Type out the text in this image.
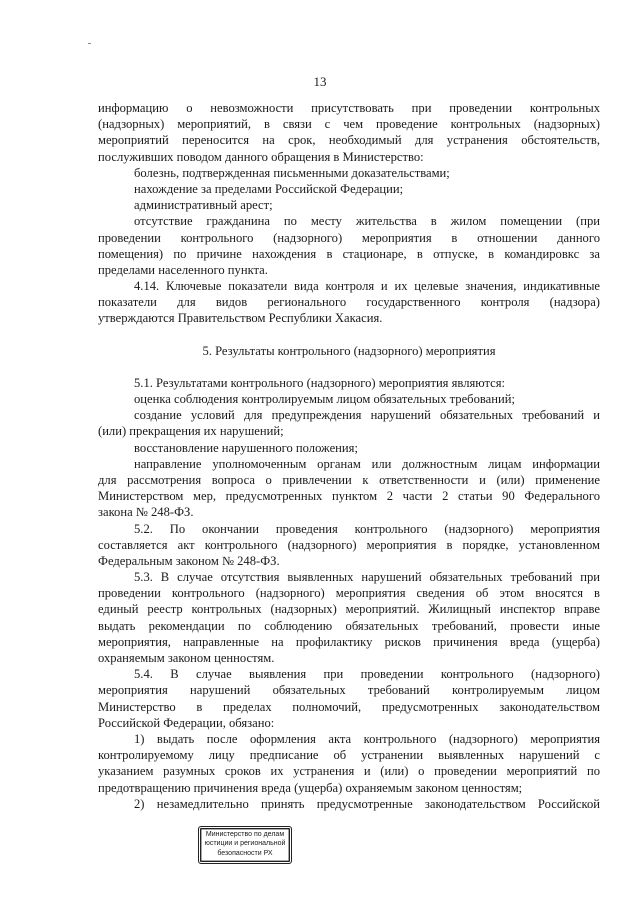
13
информацию о невозможности присутствовать при проведении контрольных
(надзорных) мероприятий, в связи с чем проведение контрольных (надзорных)
мероприятий переносится на срок, необходимый для устранения обстоятельств,
послуживших поводом данного обращения в Министерство:
болезнь, подтвержденная письменными доказательствами;
нахождение за пределами Российской Федерации;
административный арест;
отсутствие гражданина по месту жительства в жилом помещении (при
проведении контрольного (надзорного) мероприятия в отношении данного
помещения) по причине нахождения в стационаре, в отпуске, в командировкс за
пределами населенного пункта.
4.14. Ключевые показатели вида контроля и их целевые значения, индикативные
показатели для видов регионального государственного контроля (надзора)
утверждаются Правительством Республики Хакасия.
5. Результаты контрольного (надзорного) мероприятия
5.1. Результатами контрольного (надзорного) мероприятия являются:
оценка соблюдения контролируемым лицом обязательных требований;
создание условий для предупреждения нарушений обязательных требований и
(или) прекращения их нарушений;
восстановление нарушенного положения;
направление уполномоченным органам или должностным лицам информации
для рассмотрения вопроса о привлечении к ответственности и (или) применение
Министерством мер, предусмотренных пунктом 2 части 2 статьи 90 Федерального
закона № 248-ФЗ.
5.2. По окончании проведения контрольного (надзорного) мероприятия
составляется акт контрольного (надзорного) мероприятия в порядке, установленном
Федеральным законом № 248-ФЗ.
5.3. В случае отсутствия выявленных нарушений обязательных требований при
проведении контрольного (надзорного) мероприятия сведения об этом вносятся в
единый реестр контрольных (надзорных) мероприятий. Жилищный инспектор вправе
выдать рекомендации по соблюдению обязательных требований, провести иные
мероприятия, направленные на профилактику рисков причинения вреда (ущерба)
охраняемым законом ценностям.
5.4. В случае выявления при проведении контрольного (надзорного)
мероприятия нарушений обязательных требований контролируемым лицом
Министерство в пределах полномочий, предусмотренных законодательством
Российской Федерации, обязано:
1) выдать после оформления акта контрольного (надзорного) мероприятия
контролируемому лицу предписание об устранении выявленных нарушений с
указанием разумных сроков их устранения и (или) о проведении мероприятий по
предотвращению причинения вреда (ущерба) охраняемым законом ценностям;
2) незамедлительно принять предусмотренные законодательством Российской
Министерство по делам
юстиции и региональной
безопасности РХ
